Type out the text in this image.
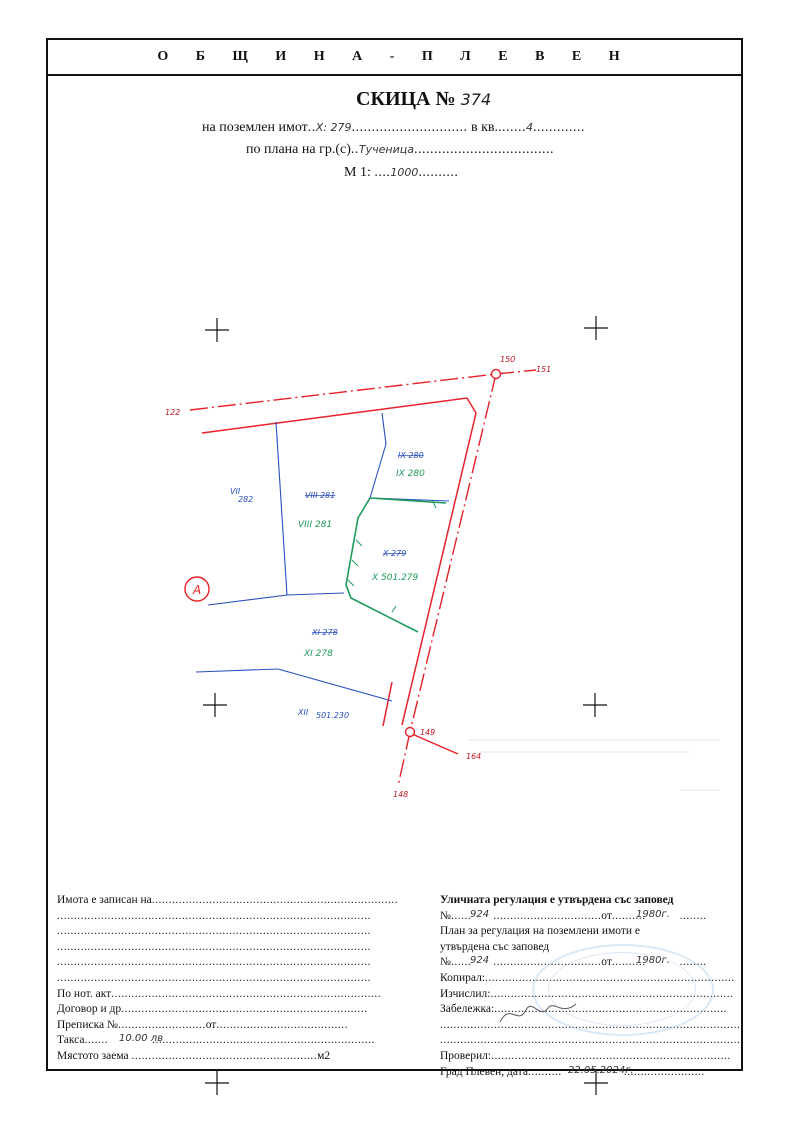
О Б Щ И Н А - П Л Е В Е Н
СКИЦА № 374
на поземлен имот..X: 279............................. в кв........4.............
по плана на гр.(с)..Тученица...................................
М 1: ....1000..........
150
151
122
149
164
148
VII
282	VIII 281
IX 280
X 279
XI 278
XII 501.230
VIII 281
IX 280
X 501.279
XI 278
A
Имота е записан на.........................................................................
.............................................................................................
.............................................................................................
.............................................................................................
.............................................................................................
.............................................................................................
По нот. акт................................................................................
Договор и др.........................................................................
Преписка №..........................от.......................................
Такса....... 10.00 лв
..................................................................
Мястото заема .......................................................м2
Уличната регулация е утвърдена със заповед
№......
924 ................................от..........
1980г. ........
План за регулация на поземлени имоти е
утвърдена със заповед
№......
924 ................................от..........
1980г. ........
Копирал:..........................................................................
Изчислил:........................................................................
Забележка:.....................................................................
.........................................................................................
.........................................................................................
Проверил:.......................................................................
Град Плевен, дата.......... 22.05.2024г.
........................
